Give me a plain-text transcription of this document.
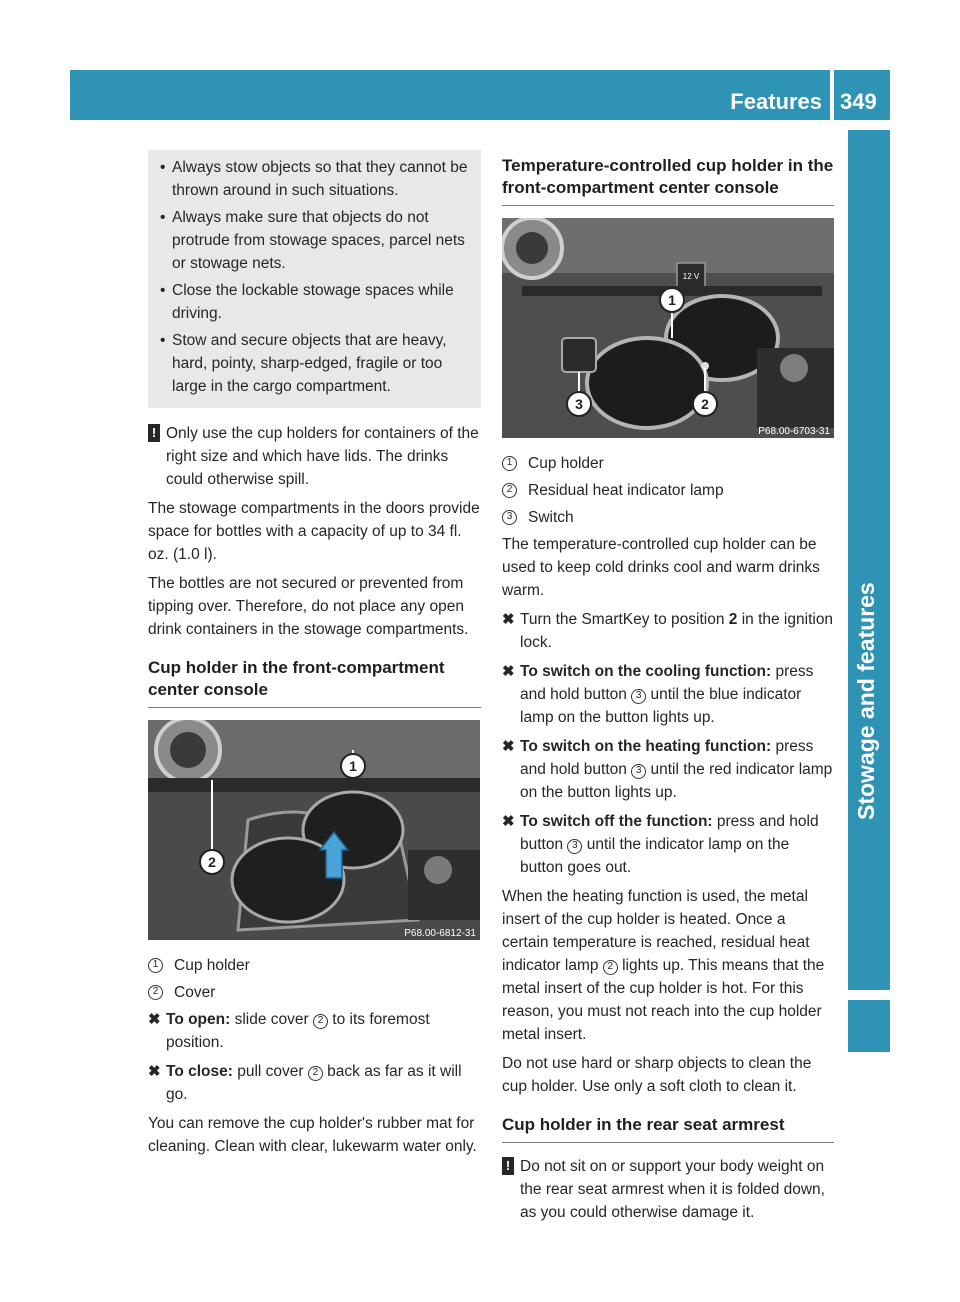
Features 349
Stowage and features
• Always stow objects so that they cannot be thrown around in such situations.
• Always make sure that objects do not protrude from stowage spaces, parcel nets or stowage nets.
• Close the lockable stowage spaces while driving.
• Stow and secure objects that are heavy, hard, pointy, sharp-edged, fragile or too large in the cargo compartment.
! Only use the cup holders for containers of the right size and which have lids. The drinks could otherwise spill.

The stowage compartments in the doors provide space for bottles with a capacity of up to 34 fl. oz. (1.0 l).

The bottles are not secured or prevented from tipping over. Therefore, do not place any open drink containers in the stowage compartments.

Cup holder in the front-compartment center console
1
2
P68.00-6812-31
1	Cup holder
2	Cover
✖ To open: slide cover 2 to its foremost position.
✖ To close: pull cover 2 back as far as it will go.

You can remove the cup holder's rubber mat for cleaning. Clean with clear, lukewarm water only.

Temperature-controlled cup holder in the front-compartment center console
12 V
1
2
3
P68.00-6703-31
1	Cup holder
2	Residual heat indicator lamp
3	Switch

The temperature-controlled cup holder can be used to keep cold drinks cool and warm drinks warm.

✖ Turn the SmartKey to position 2 in the ignition lock.
✖ To switch on the cooling function: press and hold button 3 until the blue indicator lamp on the button lights up.
✖ To switch on the heating function: press and hold button 3 until the red indicator lamp on the button lights up.
✖ To switch off the function: press and hold button 3 until the indicator lamp on the button goes out.

When the heating function is used, the metal insert of the cup holder is heated. Once a certain temperature is reached, residual heat indicator lamp 2 lights up. This means that the metal insert of the cup holder is hot. For this reason, you must not reach into the cup holder metal insert.

Do not use hard or sharp objects to clean the cup holder. Use only a soft cloth to clean it.

Cup holder in the rear seat armrest
! Do not sit on or support your body weight on the rear seat armrest when it is folded down, as you could otherwise damage it.
